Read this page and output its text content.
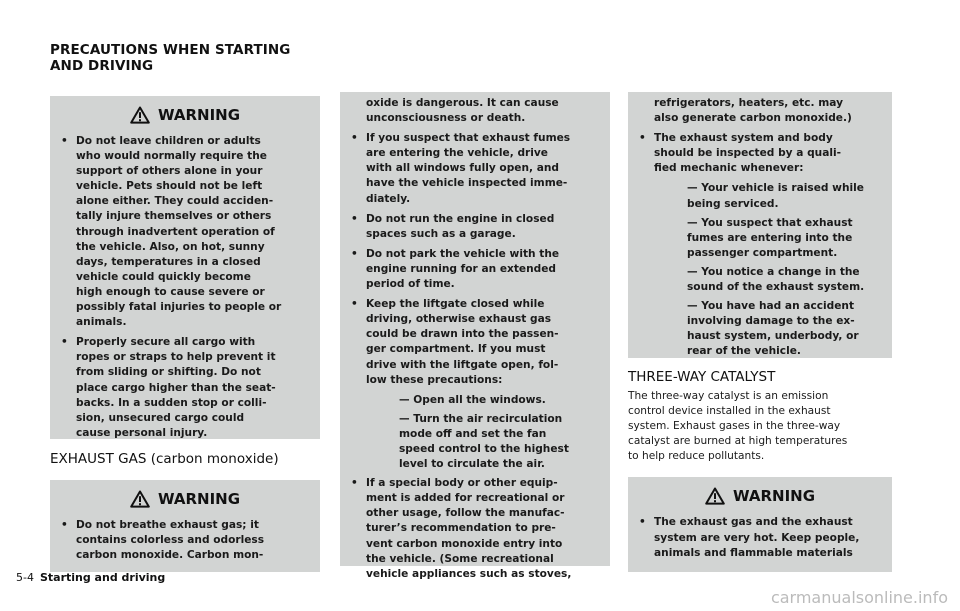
PRECAUTIONS WHEN STARTING
AND DRIVING
WARNING
• Do not leave children or adults
who would normally require the
support of others alone in your
vehicle. Pets should not be left
alone either. They could acciden-
tally injure themselves or others
through inadvertent operation of
the vehicle. Also, on hot, sunny
days, temperatures in a closed
vehicle could quickly become
high enough to cause severe or
possibly fatal injuries to people or
animals.
• Properly secure all cargo with
ropes or straps to help prevent it
from sliding or shifting. Do not
place cargo higher than the seat-
backs. In a sudden stop or colli-
sion, unsecured cargo could
cause personal injury.
EXHAUST GAS (carbon monoxide)
WARNING
• Do not breathe exhaust gas; it
contains colorless and odorless
carbon monoxide. Carbon mon-
oxide is dangerous. It can cause
unconsciousness or death.
• If you suspect that exhaust fumes
are entering the vehicle, drive
with all windows fully open, and
have the vehicle inspected imme-
diately.
• Do not run the engine in closed
spaces such as a garage.
• Do not park the vehicle with the
engine running for an extended
period of time.
• Keep the liftgate closed while
driving, otherwise exhaust gas
could be drawn into the passen-
ger compartment. If you must
drive with the liftgate open, fol-
low these precautions:
— Open all the windows.
— Turn the air recirculation
mode off and set the fan
speed control to the highest
level to circulate the air.
• If a special body or other equip-
ment is added for recreational or
other usage, follow the manufac-
turer’s recommendation to pre-
vent carbon monoxide entry into
the vehicle. (Some recreational
vehicle appliances such as stoves,
refrigerators, heaters, etc. may
also generate carbon monoxide.)
• The exhaust system and body
should be inspected by a quali-
fied mechanic whenever:
— Your vehicle is raised while
being serviced.
— You suspect that exhaust
fumes are entering into the
passenger compartment.
— You notice a change in the
sound of the exhaust system.
— You have had an accident
involving damage to the ex-
haust system, underbody, or
rear of the vehicle.
THREE-WAY CATALYST

The three-way catalyst is an emission
control device installed in the exhaust
system. Exhaust gases in the three-way
catalyst are burned at high temperatures
to help reduce pollutants.

WARNING
• The exhaust gas and the exhaust
system are very hot. Keep people,
animals and flammable materials
5-4 Starting and driving
carmanualsonline.info
